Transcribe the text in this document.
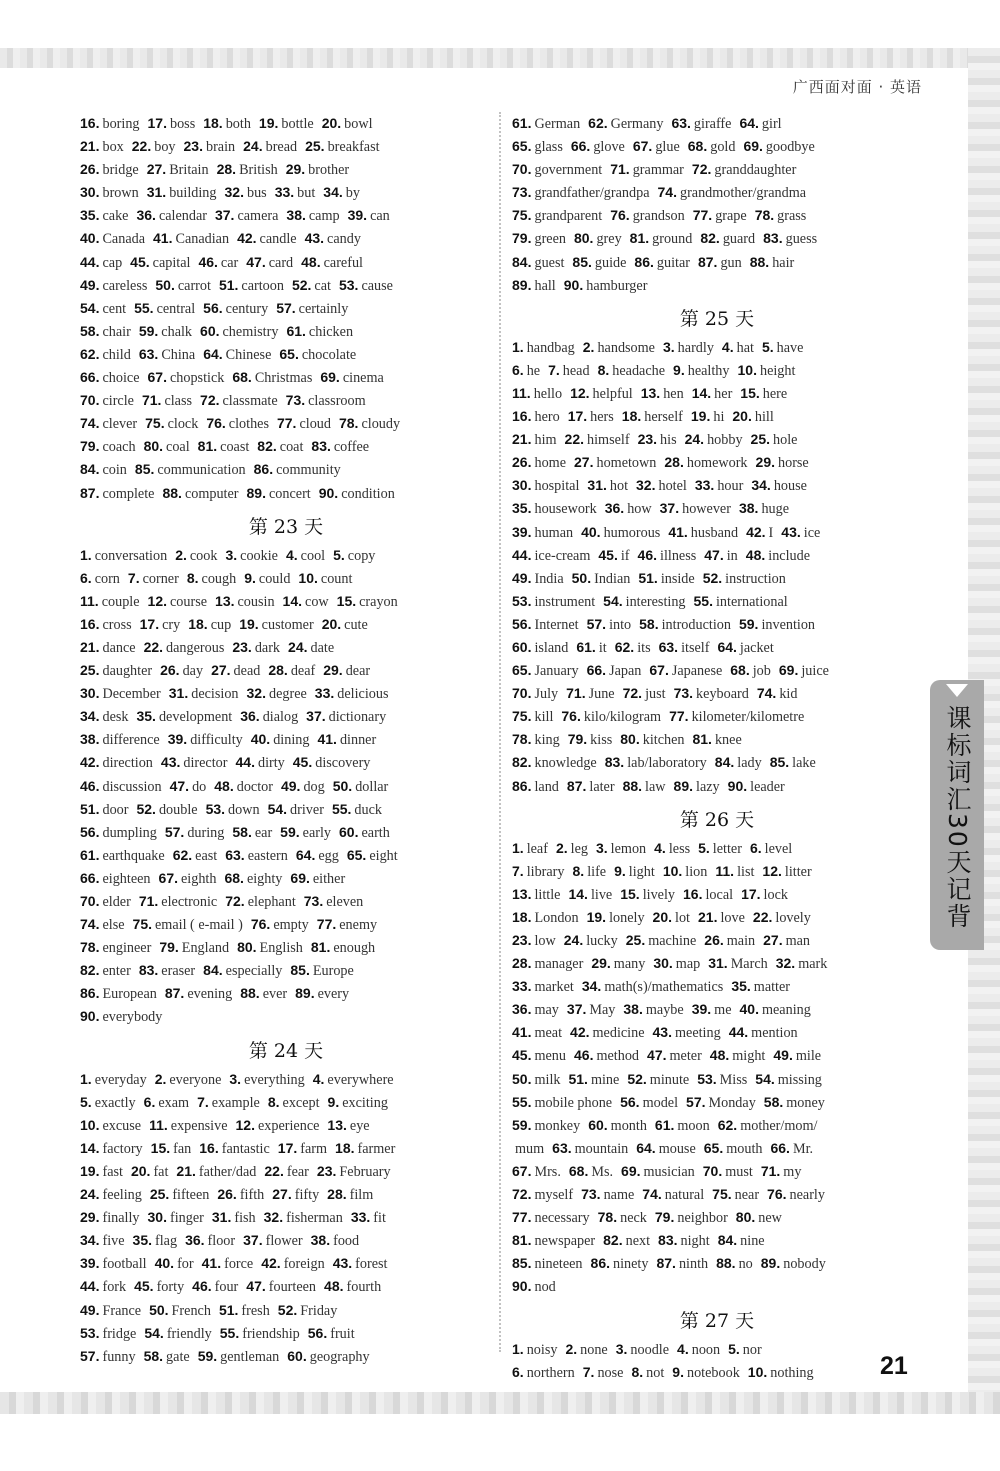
广西面对面 · 英语
16. boring 17. boss 18. both 19. bottle 20. bowl
21. box 22. boy 23. brain 24. bread 25. breakfast
26. bridge 27. Britain 28. British 29. brother
30. brown 31. building 32. bus 33. but 34. by
35. cake 36. calendar 37. camera 38. camp 39. can
40. Canada 41. Canadian 42. candle 43. candy
44. cap 45. capital 46. car 47. card 48. careful
49. careless 50. carrot 51. cartoon 52. cat 53. cause
54. cent 55. central 56. century 57. certainly
58. chair 59. chalk 60. chemistry 61. chicken
62. child 63. China 64. Chinese 65. chocolate
66. choice 67. chopstick 68. Christmas 69. cinema
70. circle 71. class 72. classmate 73. classroom
74. clever 75. clock 76. clothes 77. cloud 78. cloudy
79. coach 80. coal 81. coast 82. coat 83. coffee
84. coin 85. communication 86. community
87. complete 88. computer 89. concert 90. condition
第 23 天
1. conversation 2. cook 3. cookie 4. cool 5. copy
6. corn 7. corner 8. cough 9. could 10. count
11. couple 12. course 13. cousin 14. cow 15. crayon
16. cross 17. cry 18. cup 19. customer 20. cute
21. dance 22. dangerous 23. dark 24. date
25. daughter 26. day 27. dead 28. deaf 29. dear
30. December 31. decision 32. degree 33. delicious
34. desk 35. development 36. dialog 37. dictionary
38. difference 39. difficulty 40. dining 41. dinner
42. direction 43. director 44. dirty 45. discovery
46. discussion 47. do 48. doctor 49. dog 50. dollar
51. door 52. double 53. down 54. driver 55. duck
56. dumpling 57. during 58. ear 59. early 60. earth
61. earthquake 62. east 63. eastern 64. egg 65. eight
66. eighteen 67. eighth 68. eighty 69. either
70. elder 71. electronic 72. elephant 73. eleven
74. else 75. email ( e-mail ) 76. empty 77. enemy
78. engineer 79. England 80. English 81. enough
82. enter 83. eraser 84. especially 85. Europe
86. European 87. evening 88. ever 89. every
90. everybody
第 24 天
1. everyday 2. everyone 3. everything 4. everywhere
5. exactly 6. exam 7. example 8. except 9. exciting
10. excuse 11. expensive 12. experience 13. eye
14. factory 15. fan 16. fantastic 17. farm 18. farmer
19. fast 20. fat 21. father/dad 22. fear 23. February
24. feeling 25. fifteen 26. fifth 27. fifty 28. film
29. finally 30. finger 31. fish 32. fisherman 33. fit
34. five 35. flag 36. floor 37. flower 38. food
39. football 40. for 41. force 42. foreign 43. forest
44. fork 45. forty 46. four 47. fourteen 48. fourth
49. France 50. French 51. fresh 52. Friday
53. fridge 54. friendly 55. friendship 56. fruit
57. funny 58. gate 59. gentleman 60. geography
61. German 62. Germany 63. giraffe 64. girl
65. glass 66. glove 67. glue 68. gold 69. goodbye
70. government 71. grammar 72. granddaughter
73. grandfather/grandpa 74. grandmother/grandma
75. grandparent 76. grandson 77. grape 78. grass
79. green 80. grey 81. ground 82. guard 83. guess
84. guest 85. guide 86. guitar 87. gun 88. hair
89. hall 90. hamburger
第 25 天
1. handbag 2. handsome 3. hardly 4. hat 5. have
6. he 7. head 8. headache 9. healthy 10. height
11. hello 12. helpful 13. hen 14. her 15. here
16. hero 17. hers 18. herself 19. hi 20. hill
21. him 22. himself 23. his 24. hobby 25. hole
26. home 27. hometown 28. homework 29. horse
30. hospital 31. hot 32. hotel 33. hour 34. house
35. housework 36. how 37. however 38. huge
39. human 40. humorous 41. husband 42. I 43. ice
44. ice-cream 45. if 46. illness 47. in 48. include
49. India 50. Indian 51. inside 52. instruction
53. instrument 54. interesting 55. international
56. Internet 57. into 58. introduction 59. invention
60. island 61. it 62. its 63. itself 64. jacket
65. January 66. Japan 67. Japanese 68. job 69. juice
70. July 71. June 72. just 73. keyboard 74. kid
75. kill 76. kilo/kilogram 77. kilometer/kilometre
78. king 79. kiss 80. kitchen 81. knee
82. knowledge 83. lab/laboratory 84. lady 85. lake
86. land 87. later 88. law 89. lazy 90. leader
第 26 天
1. leaf 2. leg 3. lemon 4. less 5. letter 6. level
7. library 8. life 9. light 10. lion 11. list 12. litter
13. little 14. live 15. lively 16. local 17. lock
18. London 19. lonely 20. lot 21. love 22. lovely
23. low 24. lucky 25. machine 26. main 27. man
28. manager 29. many 30. map 31. March 32. mark
33. market 34. math(s)/mathematics 35. matter
36. may 37. May 38. maybe 39. me 40. meaning
41. meat 42. medicine 43. meeting 44. mention
45. menu 46. method 47. meter 48. might 49. mile
50. milk 51. mine 52. minute 53. Miss 54. missing
55. mobile phone 56. model 57. Monday 58. money
59. monkey 60. month 61. moon 62. mother/mom/
mum 63. mountain 64. mouse 65. mouth 66. Mr.
67. Mrs. 68. Ms. 69. musician 70. must 71. my
72. myself 73. name 74. natural 75. near 76. nearly
77. necessary 78. neck 79. neighbor 80. new
81. newspaper 82. next 83. night 84. nine
85. nineteen 86. ninety 87. ninth 88. no 89. nobody
90. nod
第 27 天
1. noisy 2. none 3. noodle 4. noon 5. nor
6. northern 7. nose 8. not 9. notebook 10. nothing
课标词汇30天记背
21
